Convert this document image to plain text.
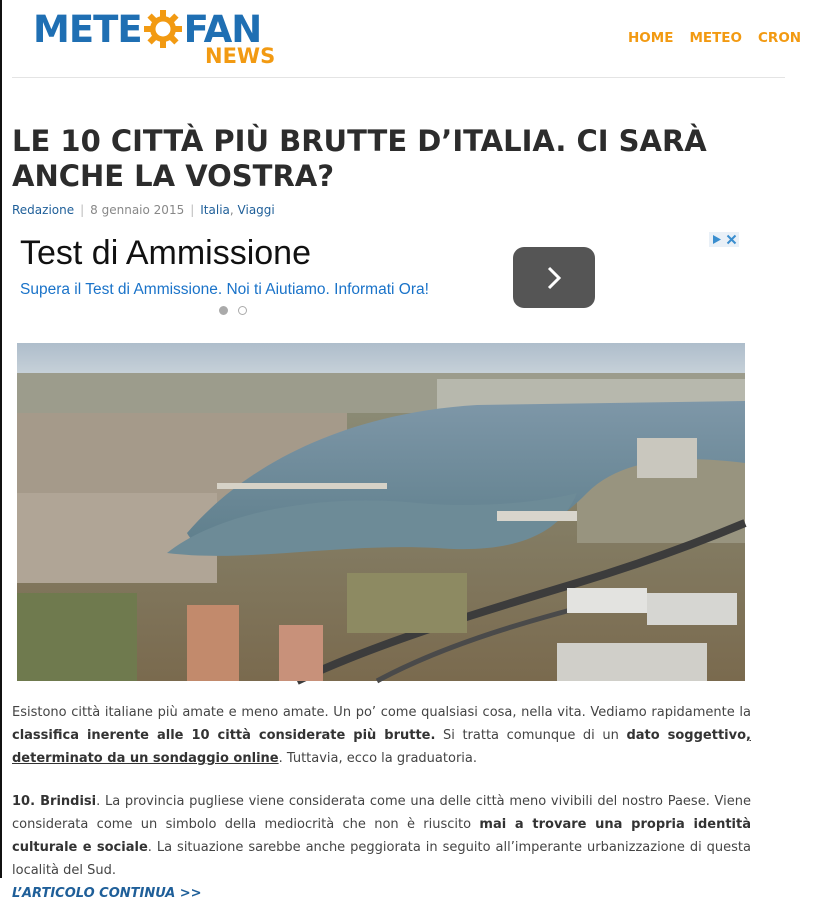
METE FAN
NEWS
HOME METEO CRON
LE 10 CITTÀ PIÙ BRUTTE D’ITALIA. CI SARÀ ANCHE LA VOSTRA?
Redazione | 8 gennaio 2015 | Italia, Viaggi
Test di Ammissione
Supera il Test di Ammissione. Noi ti Aiutiamo. Informati Ora!

Esistono città italiane più amate e meno amate. Un po’ come qualsiasi cosa, nella vita. Vediamo rapidamente la classifica inerente alle 10 città considerate più brutte. Si tratta comunque di un dato soggettivo, determinato da un sondaggio online. Tuttavia, ecco la graduatoria.

10. Brindisi. La provincia pugliese viene considerata come una delle città meno vivibili del nostro Paese. Viene considerata come un simbolo della mediocrità che non è riuscito mai a trovare una propria identità culturale e sociale. La situazione sarebbe anche peggiorata in seguito all’imperante urbanizzazione di questa località del Sud.
L’ARTICOLO CONTINUA >>
